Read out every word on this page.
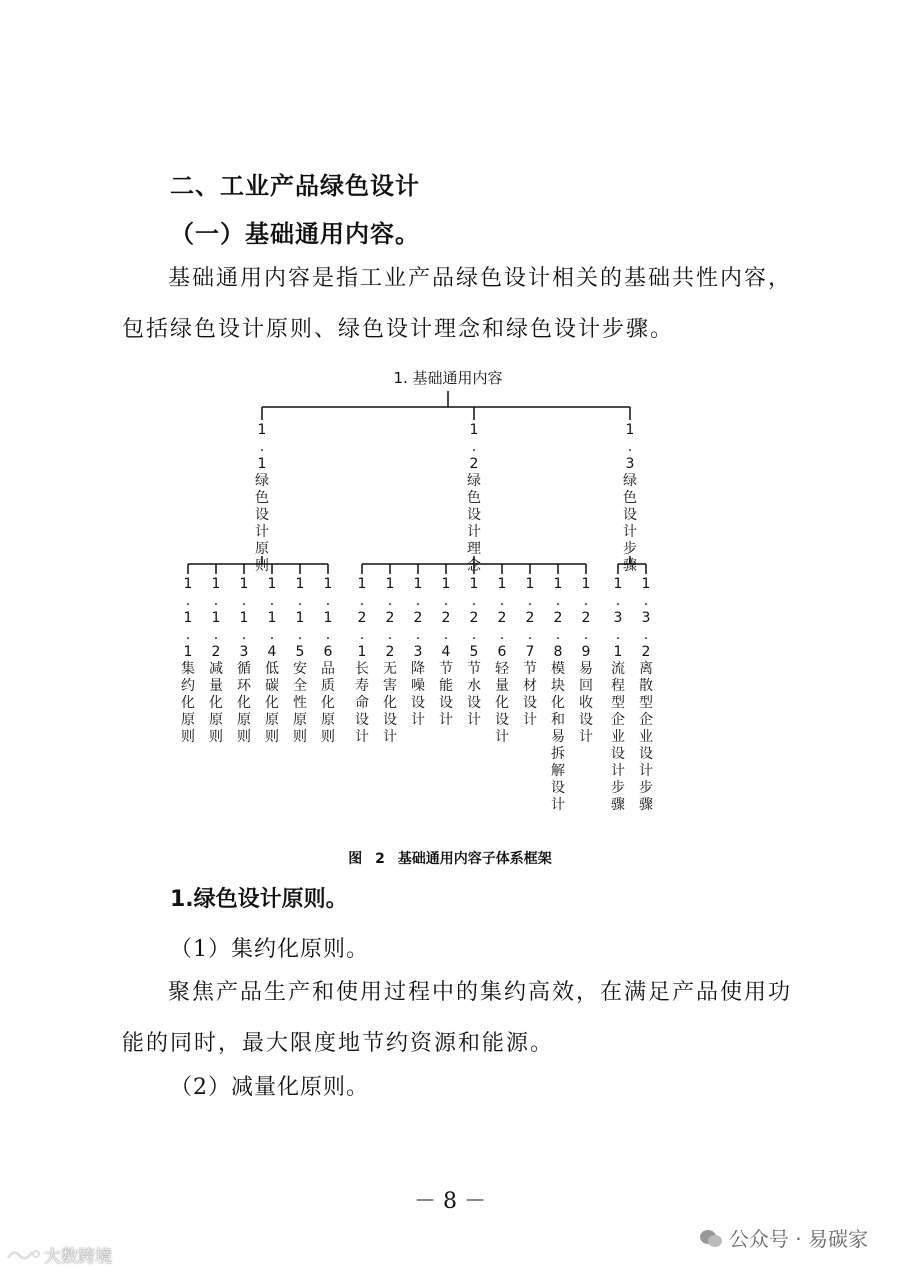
二、工业产品绿色设计
（一）基础通用内容。
基础通用内容是指工业产品绿色设计相关的基础共性内容，包括绿色设计原则、绿色设计理念和绿色设计步骤。
1. 基础通用内容
1 . 1 绿色设计原则
1 . 1 . 1 集约化原则
1 . 1 . 2 减量化原则
1 . 1 . 3 循环化原则
1 . 1 . 4 低碳化原则
1 . 1 . 5 安全性原则
1 . 1 . 6 品质化原则
1 . 2 绿色设计理念
1 . 2 . 1 长寿命设计
1 . 2 . 2 无害化设计
1 . 2 . 3 降噪设计
1 . 2 . 4 节能设计
1 . 2 . 5 节水设计
1 . 2 . 6 轻量化设计
1 . 2 . 7 节材设计
1 . 2 . 8 模块化和易拆解设计
1 . 2 . 9 易回收设计
1 . 3 绿色设计步骤
1 . 3 . 1 流程型企业设计步骤
1 . 3 . 2 离散型企业设计步骤
图 2 基础通用内容子体系框架
1.绿色设计原则。
（1）集约化原则。
聚焦产品生产和使用过程中的集约高效，在满足产品使用功能的同时，最大限度地节约资源和能源。
（2）减量化原则。
－ 8 －
公众号 · 易碳家
大数跨境
